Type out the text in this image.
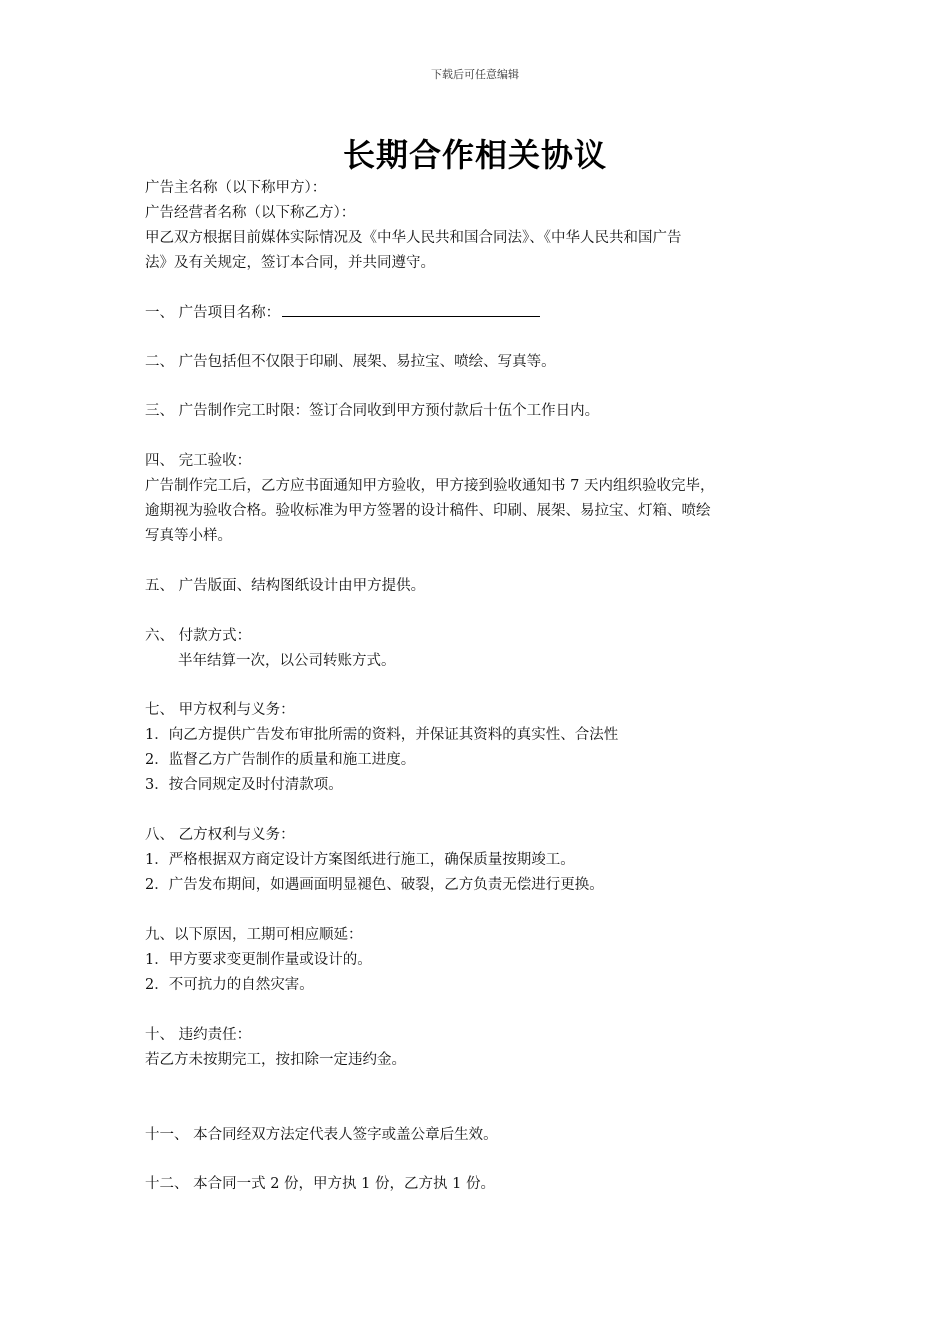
下载后可任意编辑
长期合作相关协议
广告主名称（以下称甲方）：
广告经营者名称（以下称乙方）：
甲乙双方根据目前媒体实际情况及《中华人民共和国合同法》、《中华人民共和国广告
法》及有关规定，签订本合同，并共同遵守。
一、 广告项目名称：
二、 广告包括但不仅限于印刷、展架、易拉宝、喷绘、写真等。
三、 广告制作完工时限：签订合同收到甲方预付款后十伍个工作日内。
四、 完工验收：
广告制作完工后，乙方应书面通知甲方验收，甲方接到验收通知书 7 天内组织验收完毕，
逾期视为验收合格。验收标准为甲方签署的设计稿件、印刷、展架、易拉宝、灯箱、喷绘
写真等小样。
五、 广告版面、结构图纸设计由甲方提供。
六、 付款方式：
半年结算一次，以公司转账方式。
七、 甲方权利与义务：
1．向乙方提供广告发布审批所需的资料，并保证其资料的真实性、合法性
2．监督乙方广告制作的质量和施工进度。
3．按合同规定及时付清款项。
八、 乙方权利与义务：
1．严格根据双方商定设计方案图纸进行施工，确保质量按期竣工。
2．广告发布期间，如遇画面明显褪色、破裂，乙方负责无偿进行更换。
九、以下原因，工期可相应顺延：
1．甲方要求变更制作量或设计的。
2．不可抗力的自然灾害。
十、 违约责任：
若乙方未按期完工，按扣除一定违约金。
十一、 本合同经双方法定代表人签字或盖公章后生效。
十二、 本合同一式 2 份，甲方执 1 份，乙方执 1 份。
